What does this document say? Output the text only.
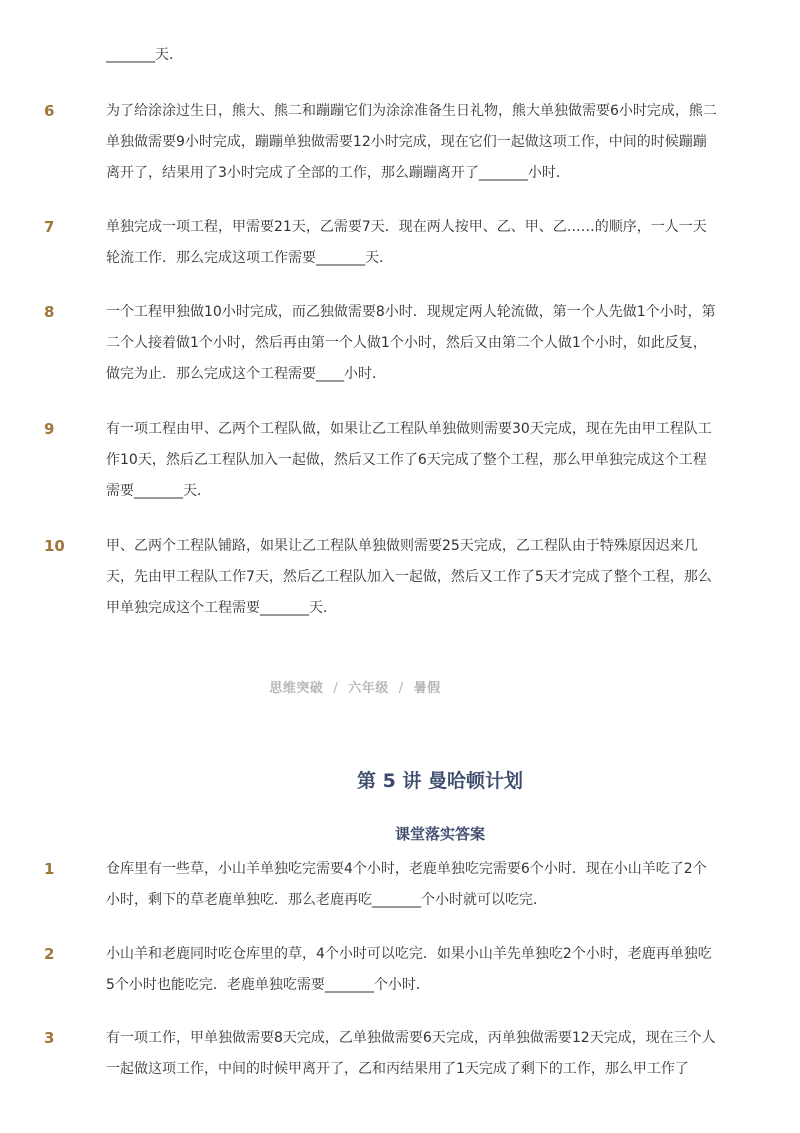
_______天．
6	为了给涂涂过生日，熊大、熊二和蹦蹦它们为涂涂准备生日礼物，熊大单独做需要6小时完成，熊二单独做需要9小时完成，蹦蹦单独做需要12小时完成，现在它们一起做这项工作，中间的时候蹦蹦离开了，结果用了3小时完成了全部的工作，那么蹦蹦离开了_______小时．
7	单独完成一项工程，甲需要21天，乙需要7天．现在两人按甲、乙、甲、乙……的顺序，一人一天轮流工作．那么完成这项工作需要_______天．
8	一个工程甲独做10小时完成，而乙独做需要8小时．现规定两人轮流做，第一个人先做1个小时，第二个人接着做1个小时，然后再由第一个人做1个小时，然后又由第二个人做1个小时，如此反复，做完为止．那么完成这个工程需要____小时．
9	有一项工程由甲、乙两个工程队做，如果让乙工程队单独做则需要30天完成，现在先由甲工程队工作10天，然后乙工程队加入一起做，然后又工作了6天完成了整个工程，那么甲单独完成这个工程需要_______天．
10	甲、乙两个工程队铺路，如果让乙工程队单独做则需要25天完成，乙工程队由于特殊原因迟来几天，先由甲工程队工作7天，然后乙工程队加入一起做，然后又工作了5天才完成了整个工程，那么甲单独完成这个工程需要_______天．
思维突破 / 六年级 / 暑假
第 5 讲 曼哈顿计划
课堂落实答案
1	仓库里有一些草，小山羊单独吃完需要4个小时，老鹿单独吃完需要6个小时．现在小山羊吃了2个小时，剩下的草老鹿单独吃．那么老鹿再吃_______个小时就可以吃完．
2	小山羊和老鹿同时吃仓库里的草，4个小时可以吃完．如果小山羊先单独吃2个小时，老鹿再单独吃5个小时也能吃完．老鹿单独吃需要_______个小时．
3	有一项工作，甲单独做需要8天完成，乙单独做需要6天完成，丙单独做需要12天完成，现在三个人一起做这项工作，中间的时候甲离开了，乙和丙结果用了1天完成了剩下的工作，那么甲工作了
